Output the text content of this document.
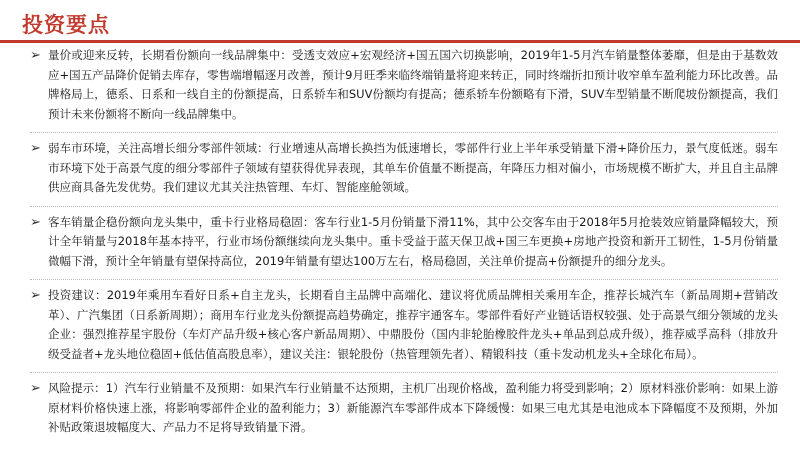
投资要点
➢ 量价或迎来反转，长期看份额向一线品牌集中：受透支效应+宏观经济+国五国六切换影响，2019年1-5月汽车销量整体萎靡，但是由于基数效应+国五产品降价促销去库存，零售端增幅逐月改善，预计9月旺季来临终端销量将迎来转正，同时终端折扣预计收窄单车盈利能力环比改善。品牌格局上，德系、日系和一线自主的份额提高，日系轿车和SUV份额均有提高；德系轿车份额略有下滑，SUV车型销量不断爬坡份额提高，我们预计未来份额将不断向一线品牌集中。
➢ 弱车市环境，关注高增长细分零部件领域：行业增速从高增长换挡为低速增长，零部件行业上半年承受销量下滑+降价压力，景气度低迷。弱车市环境下处于高景气度的细分零部件子领域有望获得优异表现，其单车价值量不断提高，年降压力相对偏小，市场规模不断扩大，并且自主品牌供应商具备先发优势。我们建议尤其关注热管理、车灯、智能座舱领域。
➢ 客车销量企稳份额向龙头集中，重卡行业格局稳固：客车行业1-5月份销量下滑11%，其中公交客车由于2018年5月抢装效应销量降幅较大，预计全年销量与2018年基本持平，行业市场份额继续向龙头集中。重卡受益于蓝天保卫战+国三车更换+房地产投资和新开工韧性，1-5月份销量微幅下滑，预计全年销量有望保持高位，2019年销量有望达100万左右，格局稳固，关注单价提高+份额提升的细分龙头。
➢ 投资建议：2019年乘用车看好日系+自主龙头，长期看自主品牌中高端化、建议将优质品牌相关乘用车企，推荐长城汽车（新品周期+营销改革）、广汽集团（日系新周期）；商用车行业龙头份额提高趋势确定，推荐宇通客车。零部件看好产业链话语权较强、处于高景气细分领域的龙头企业：强烈推荐星宇股份（车灯产品升级+核心客户新品周期）、中鼎股份（国内非轮胎橡胶件龙头+单品到总成升级），推荐威孚高科（排放升级受益者+龙头地位稳固+低估值高股息率），建议关注：银轮股份（热管理领先者）、精锻科技（重卡发动机龙头+全球化布局）。
➢ 风险提示：1）汽车行业销量不及预期：如果汽车行业销量不达预期，主机厂出现价格战，盈利能力将受到影响；2）原材料涨价影响：如果上游原材料价格快速上涨，将影响零部件企业的盈利能力；3）新能源汽车零部件成本下降缓慢：如果三电尤其是电池成本下降幅度不及预期，外加补贴政策退坡幅度大、产品力不足将导致销量下滑。
